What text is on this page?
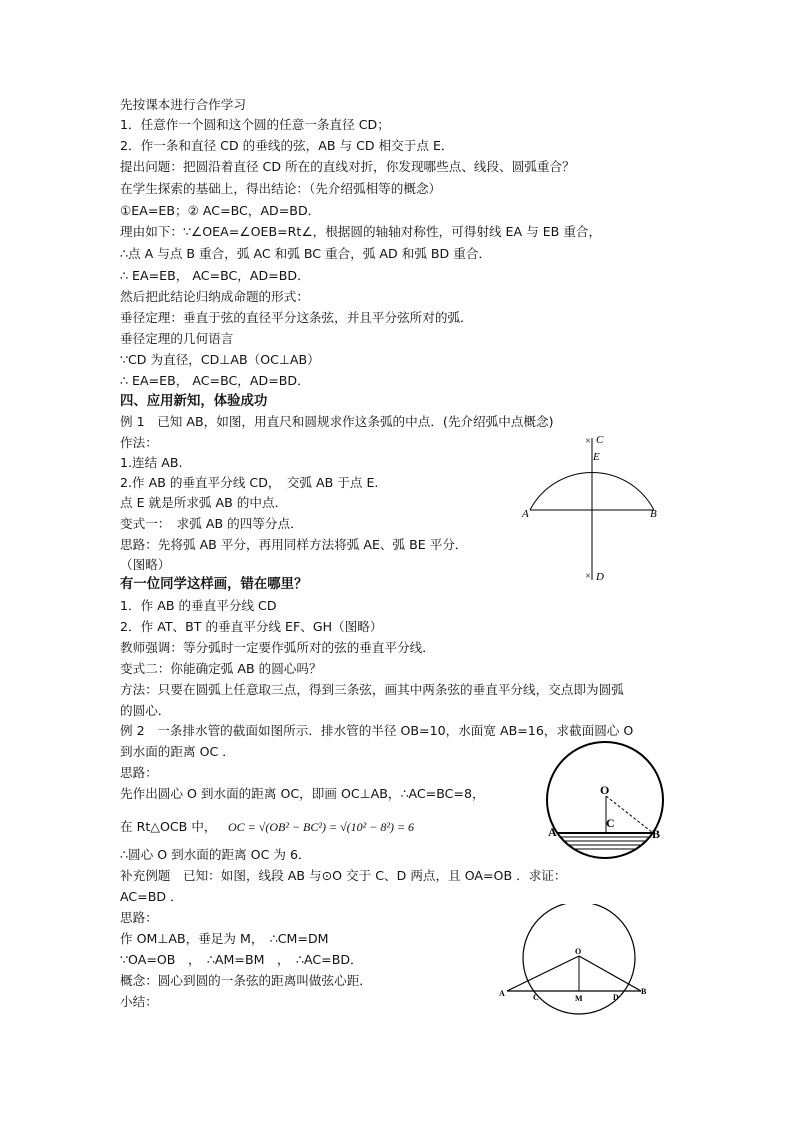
先按课本进行合作学习
1．任意作一个圆和这个圆的任意一条直径 CD；
2．作一条和直径 CD 的垂线的弦，AB 与 CD 相交于点 E．
提出问题：把圆沿着直径 CD 所在的直线对折，你发现哪些点、线段、圆弧重合？
在学生探索的基础上，得出结论：（先介绍弧相等的概念）
①EA=EB；② AC=BC，AD=BD．
理由如下：∵∠OEA=∠OEB=Rt∠，根据圆的轴轴对称性，可得射线 EA 与 EB 重合，
∴点 A 与点 B 重合，弧 AC 和弧 BC 重合，弧 AD 和弧 BD 重合．
∴ EA=EB， AC=BC，AD=BD．
然后把此结论归纳成命题的形式：
垂径定理：垂直于弦的直径平分这条弦，并且平分弦所对的弧．
垂径定理的几何语言
∵CD 为直径，CD⊥AB（OC⊥AB）
∴ EA=EB， AC=BC，AD=BD．
四、应用新知，体验成功
例 1　已知 AB，如图，用直尺和圆规求作这条弧的中点．(先介绍弧中点概念)
作法：
1.连结 AB.
2.作 AB 的垂直平分线 CD，　交弧 AB 于点 E.
点 E 就是所求弧 AB 的中点．
变式一：　求弧 AB 的四等分点．
思路：先将弧 AB 平分，再用同样方法将弧 AE、弧 BE 平分．
（图略）
有一位同学这样画，错在哪里？
1．作 AB 的垂直平分线 CD
2．作 AT、BT 的垂直平分线 EF、GH（图略）
教师强调：等分弧时一定要作弧所对的弦的垂直平分线．
变式二：你能确定弧 AB 的圆心吗？
方法：只要在圆弧上任意取三点，得到三条弦，画其中两条弦的垂直平分线，交点即为圆弧
的圆心．
例 2　一条排水管的截面如图所示．排水管的半径 OB=10，水面宽 AB=16，求截面圆心 O
到水面的距离 OC ．
思路：
先作出圆心 O 到水面的距离 OC，即画 OC⊥AB，∴AC=BC=8，
在 Rt△OCB 中， OC = √(OB² − BC²) = √(10² − 8²) = 6
∴圆心 O 到水面的距离 OC 为 6．
补充例题　已知：如图，线段 AB 与⊙O 交于 C、D 两点，且 OA=OB ．求证：
AC=BD ．
思路：
作 OM⊥AB，垂足为 M，　∴CM=DM
∵OA=OB　，　∴AM=BM　，　∴AC=BD．
概念：圆心到圆的一条弦的距离叫做弦心距．
小结：
×
×
C
E
A	B
D
O
C
A	B
O
A	C	M	D
B
